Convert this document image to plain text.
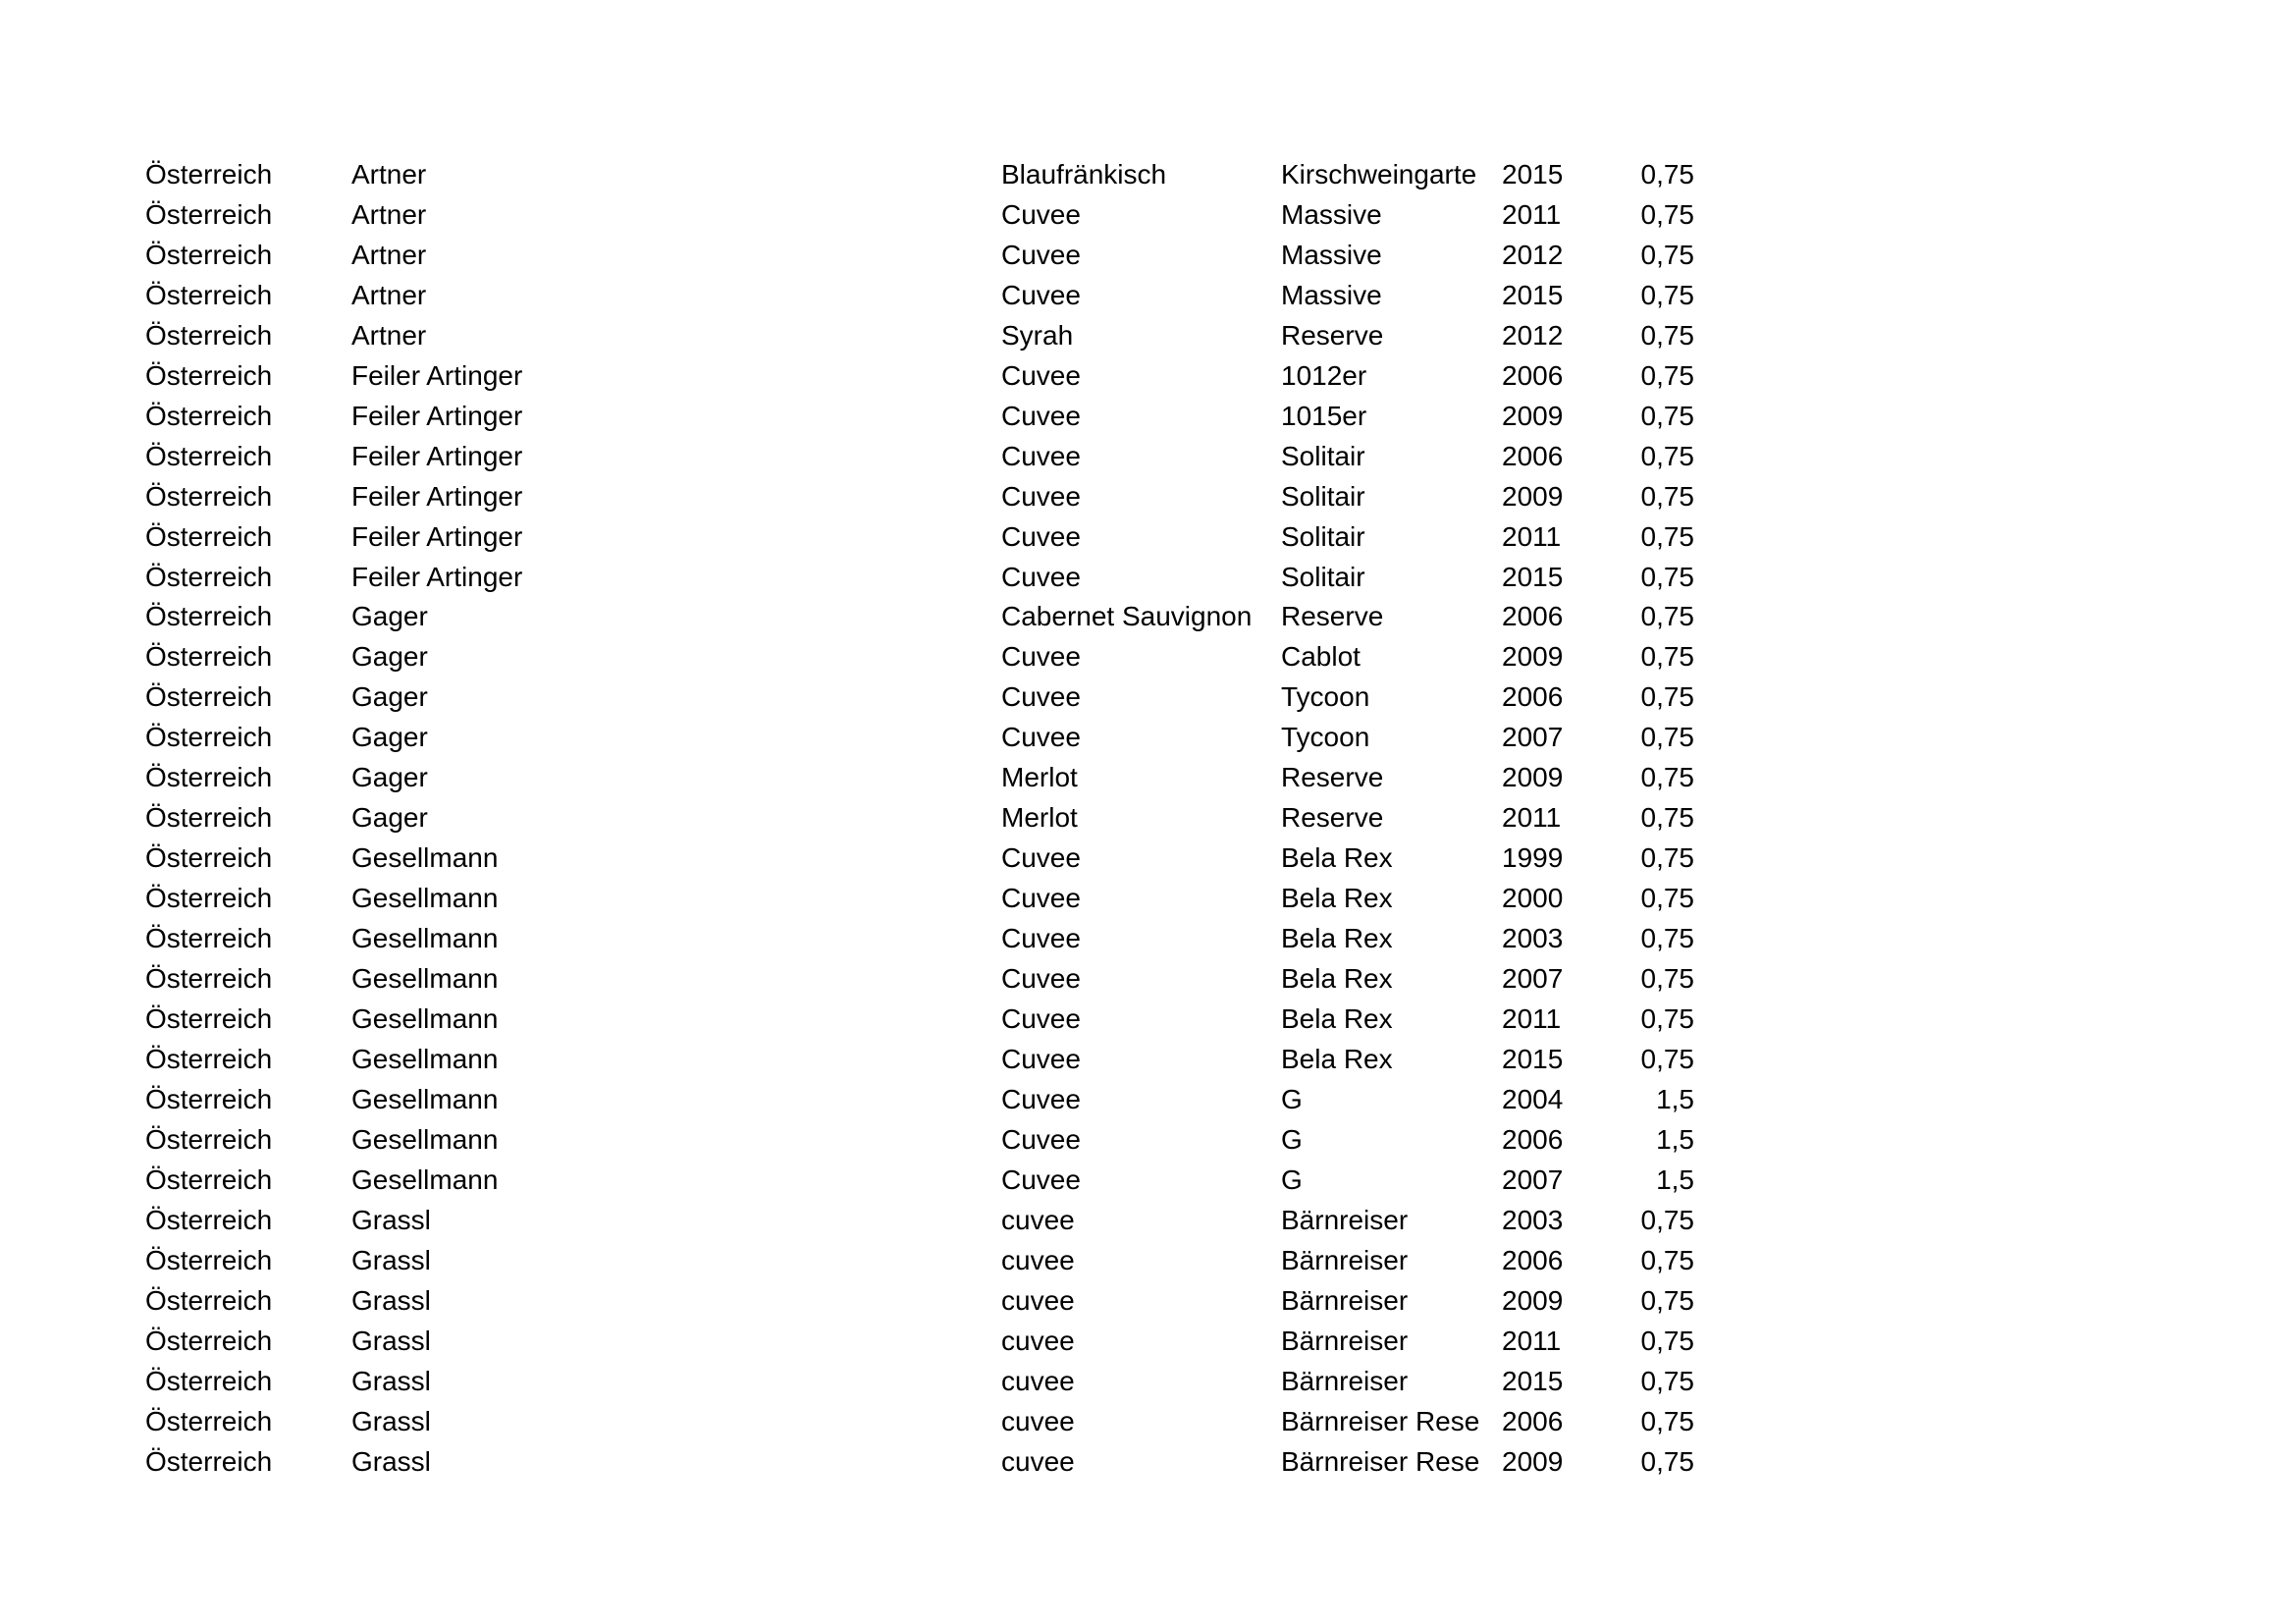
Österreich	Artner	Blaufränkisch	Kirschweingarte	2015	0,75
Österreich	Artner	Cuvee	Massive	2011	0,75
Österreich	Artner	Cuvee	Massive	2012	0,75
Österreich	Artner	Cuvee	Massive	2015	0,75
Österreich	Artner	Syrah	Reserve	2012	0,75
Österreich	Feiler Artinger	Cuvee	1012er	2006	0,75
Österreich	Feiler Artinger	Cuvee	1015er	2009	0,75
Österreich	Feiler Artinger	Cuvee	Solitair	2006	0,75
Österreich	Feiler Artinger	Cuvee	Solitair	2009	0,75
Österreich	Feiler Artinger	Cuvee	Solitair	2011	0,75
Österreich	Feiler Artinger	Cuvee	Solitair	2015	0,75
Österreich	Gager	Cabernet Sauvignon	Reserve	2006	0,75
Österreich	Gager	Cuvee	Cablot	2009	0,75
Österreich	Gager	Cuvee	Tycoon	2006	0,75
Österreich	Gager	Cuvee	Tycoon	2007	0,75
Österreich	Gager	Merlot	Reserve	2009	0,75
Österreich	Gager	Merlot	Reserve	2011	0,75
Österreich	Gesellmann	Cuvee	Bela Rex	1999	0,75
Österreich	Gesellmann	Cuvee	Bela Rex	2000	0,75
Österreich	Gesellmann	Cuvee	Bela Rex	2003	0,75
Österreich	Gesellmann	Cuvee	Bela Rex	2007	0,75
Österreich	Gesellmann	Cuvee	Bela Rex	2011	0,75
Österreich	Gesellmann	Cuvee	Bela Rex	2015	0,75
Österreich	Gesellmann	Cuvee	G	2004	1,5
Österreich	Gesellmann	Cuvee	G	2006	1,5
Österreich	Gesellmann	Cuvee	G	2007	1,5
Österreich	Grassl	cuvee	Bärnreiser	2003	0,75
Österreich	Grassl	cuvee	Bärnreiser	2006	0,75
Österreich	Grassl	cuvee	Bärnreiser	2009	0,75
Österreich	Grassl	cuvee	Bärnreiser	2011	0,75
Österreich	Grassl	cuvee	Bärnreiser	2015	0,75
Österreich	Grassl	cuvee	Bärnreiser Rese	2006	0,75
Österreich	Grassl	cuvee	Bärnreiser Rese	2009	0,75
